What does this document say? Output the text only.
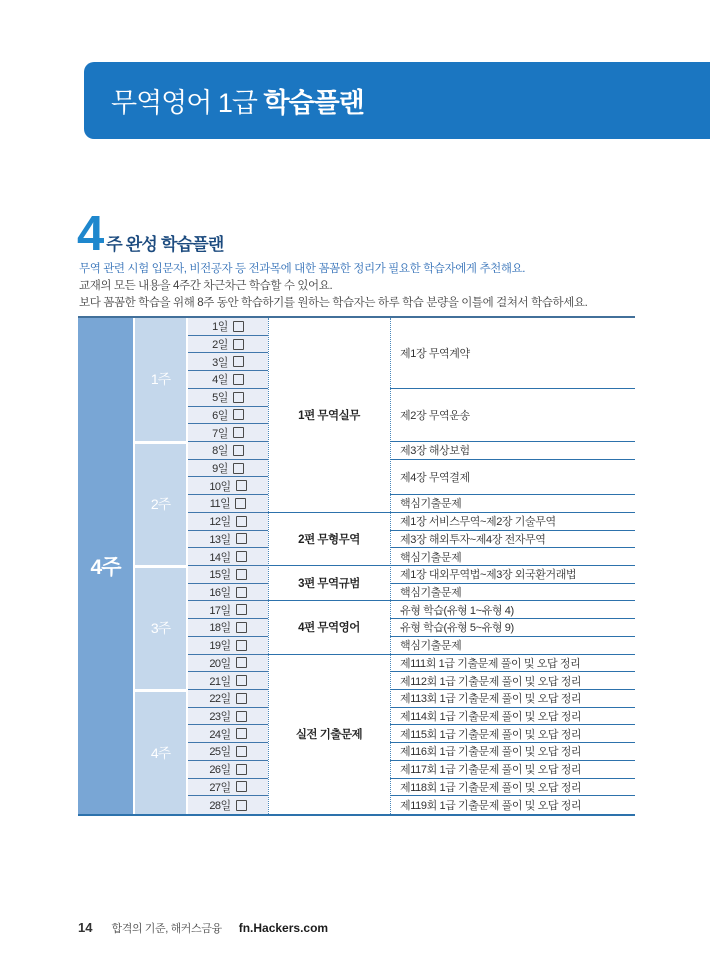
무역영어 1급 학습플랜
4 주 완성 학습플랜
무역 관련 시험 입문자, 비전공자 등 전과목에 대한 꼼꼼한 정리가 필요한 학습자에게 추천해요.
교재의 모든 내용을 4주간 차근차근 학습할 수 있어요.
보다 꼼꼼한 학습을 위해 8주 동안 학습하기를 원하는 학습자는 하루 학습 분량을 이틀에 걸쳐서 학습하세요.
4주
1주
2주
3주
4주
1일
2일
3일
4일
5일
6일
7일
8일
9일
10일
11일
12일
13일
14일
15일
16일
17일
18일
19일
20일
21일
22일
23일
24일
25일
26일
27일
28일
1편 무역실무
2편 무형무역
3편 무역규범
4편 무역영어
실전 기출문제
제1장 무역계약
제2장 무역운송
제3장 해상보험
제4장 무역결제
핵심기출문제
제1장 서비스무역~제2장 기술무역
제3장 해외투자~제4장 전자무역
핵심기출문제
제1장 대외무역법~제3장 외국환거래법
핵심기출문제
유형 학습(유형 1~유형 4)
유형 학습(유형 5~유형 9)
핵심기출문제
제111회 1급 기출문제 풀이 및 오답 정리
제112회 1급 기출문제 풀이 및 오답 정리
제113회 1급 기출문제 풀이 및 오답 정리
제114회 1급 기출문제 풀이 및 오답 정리
제115회 1급 기출문제 풀이 및 오답 정리
제116회 1급 기출문제 풀이 및 오답 정리
제117회 1급 기출문제 풀이 및 오답 정리
제118회 1급 기출문제 풀이 및 오답 정리
제119회 1급 기출문제 풀이 및 오답 정리
14 합격의 기준, 해커스금융 fn.Hackers.com
